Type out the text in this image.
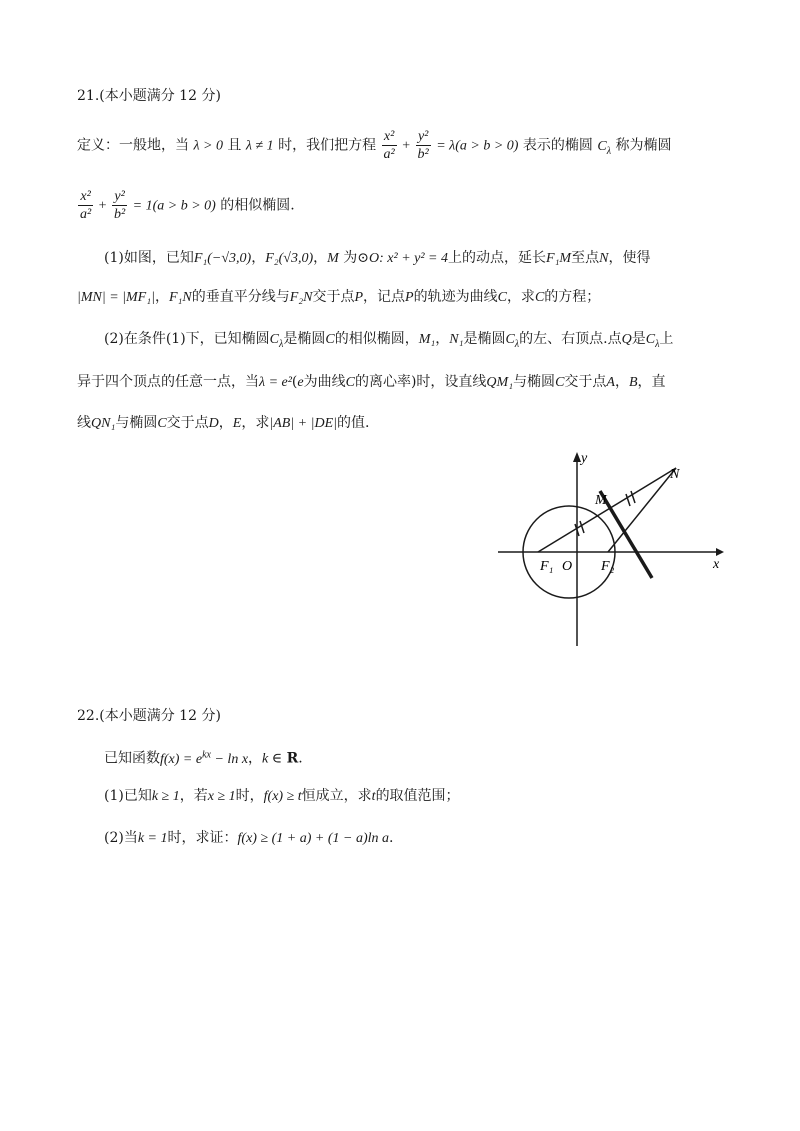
21.(本小题满分 12 分)
定义：一般地，当 λ > 0 且 λ ≠ 1 时，我们把方程 $\frac{\text{x²}}{\text{a²}} + \frac{\text{y²}}{\text{b²}} = \lambda(a > b > 0)$ 表示的椭圆 $C_\lambda$ 称为椭圆
$\frac{\text{x²}}{\text{a²}} + \frac{\text{y²}}{\text{b²}} = 1(a > b > 0)$ 的相似椭圆.
(1)如图，已知F₁(−√3,0)，F₂(√3,0)，M 为⊙O: x² + y² = 4上的动点，延长F₁M至点N，使得
|MN| = |MF₁|，F₁N的垂直平分线与F₂N交于点P，记点P的轨迹为曲线C，求C的方程；
(2)在条件(1)下，已知椭圆$C_\lambda$是椭圆C的相似椭圆，M₁，N₁是椭圆$C_\lambda$的左、右顶点.点Q是$C_\lambda$上
异于四个顶点的任意一点，当λ = e²(e为曲线C的离心率)时，设直线QM₁与椭圆C交于点A，B，直
线QN₁与椭圆C交于点D，E，求|AB| + |DE|的值.
y
x
N
M
F₁ O F₂
22.(本小题满分 12 分)
已知函数$f(x) = e^{kx} - \ln x$，k ∈ R.
(1)已知k ≥ 1，若x ≥ 1时，f(x) ≥ t恒成立，求t的取值范围；
(2)当k = 1时，求证：f(x) ≥ (1 + a) + (1 − a)ln a.
